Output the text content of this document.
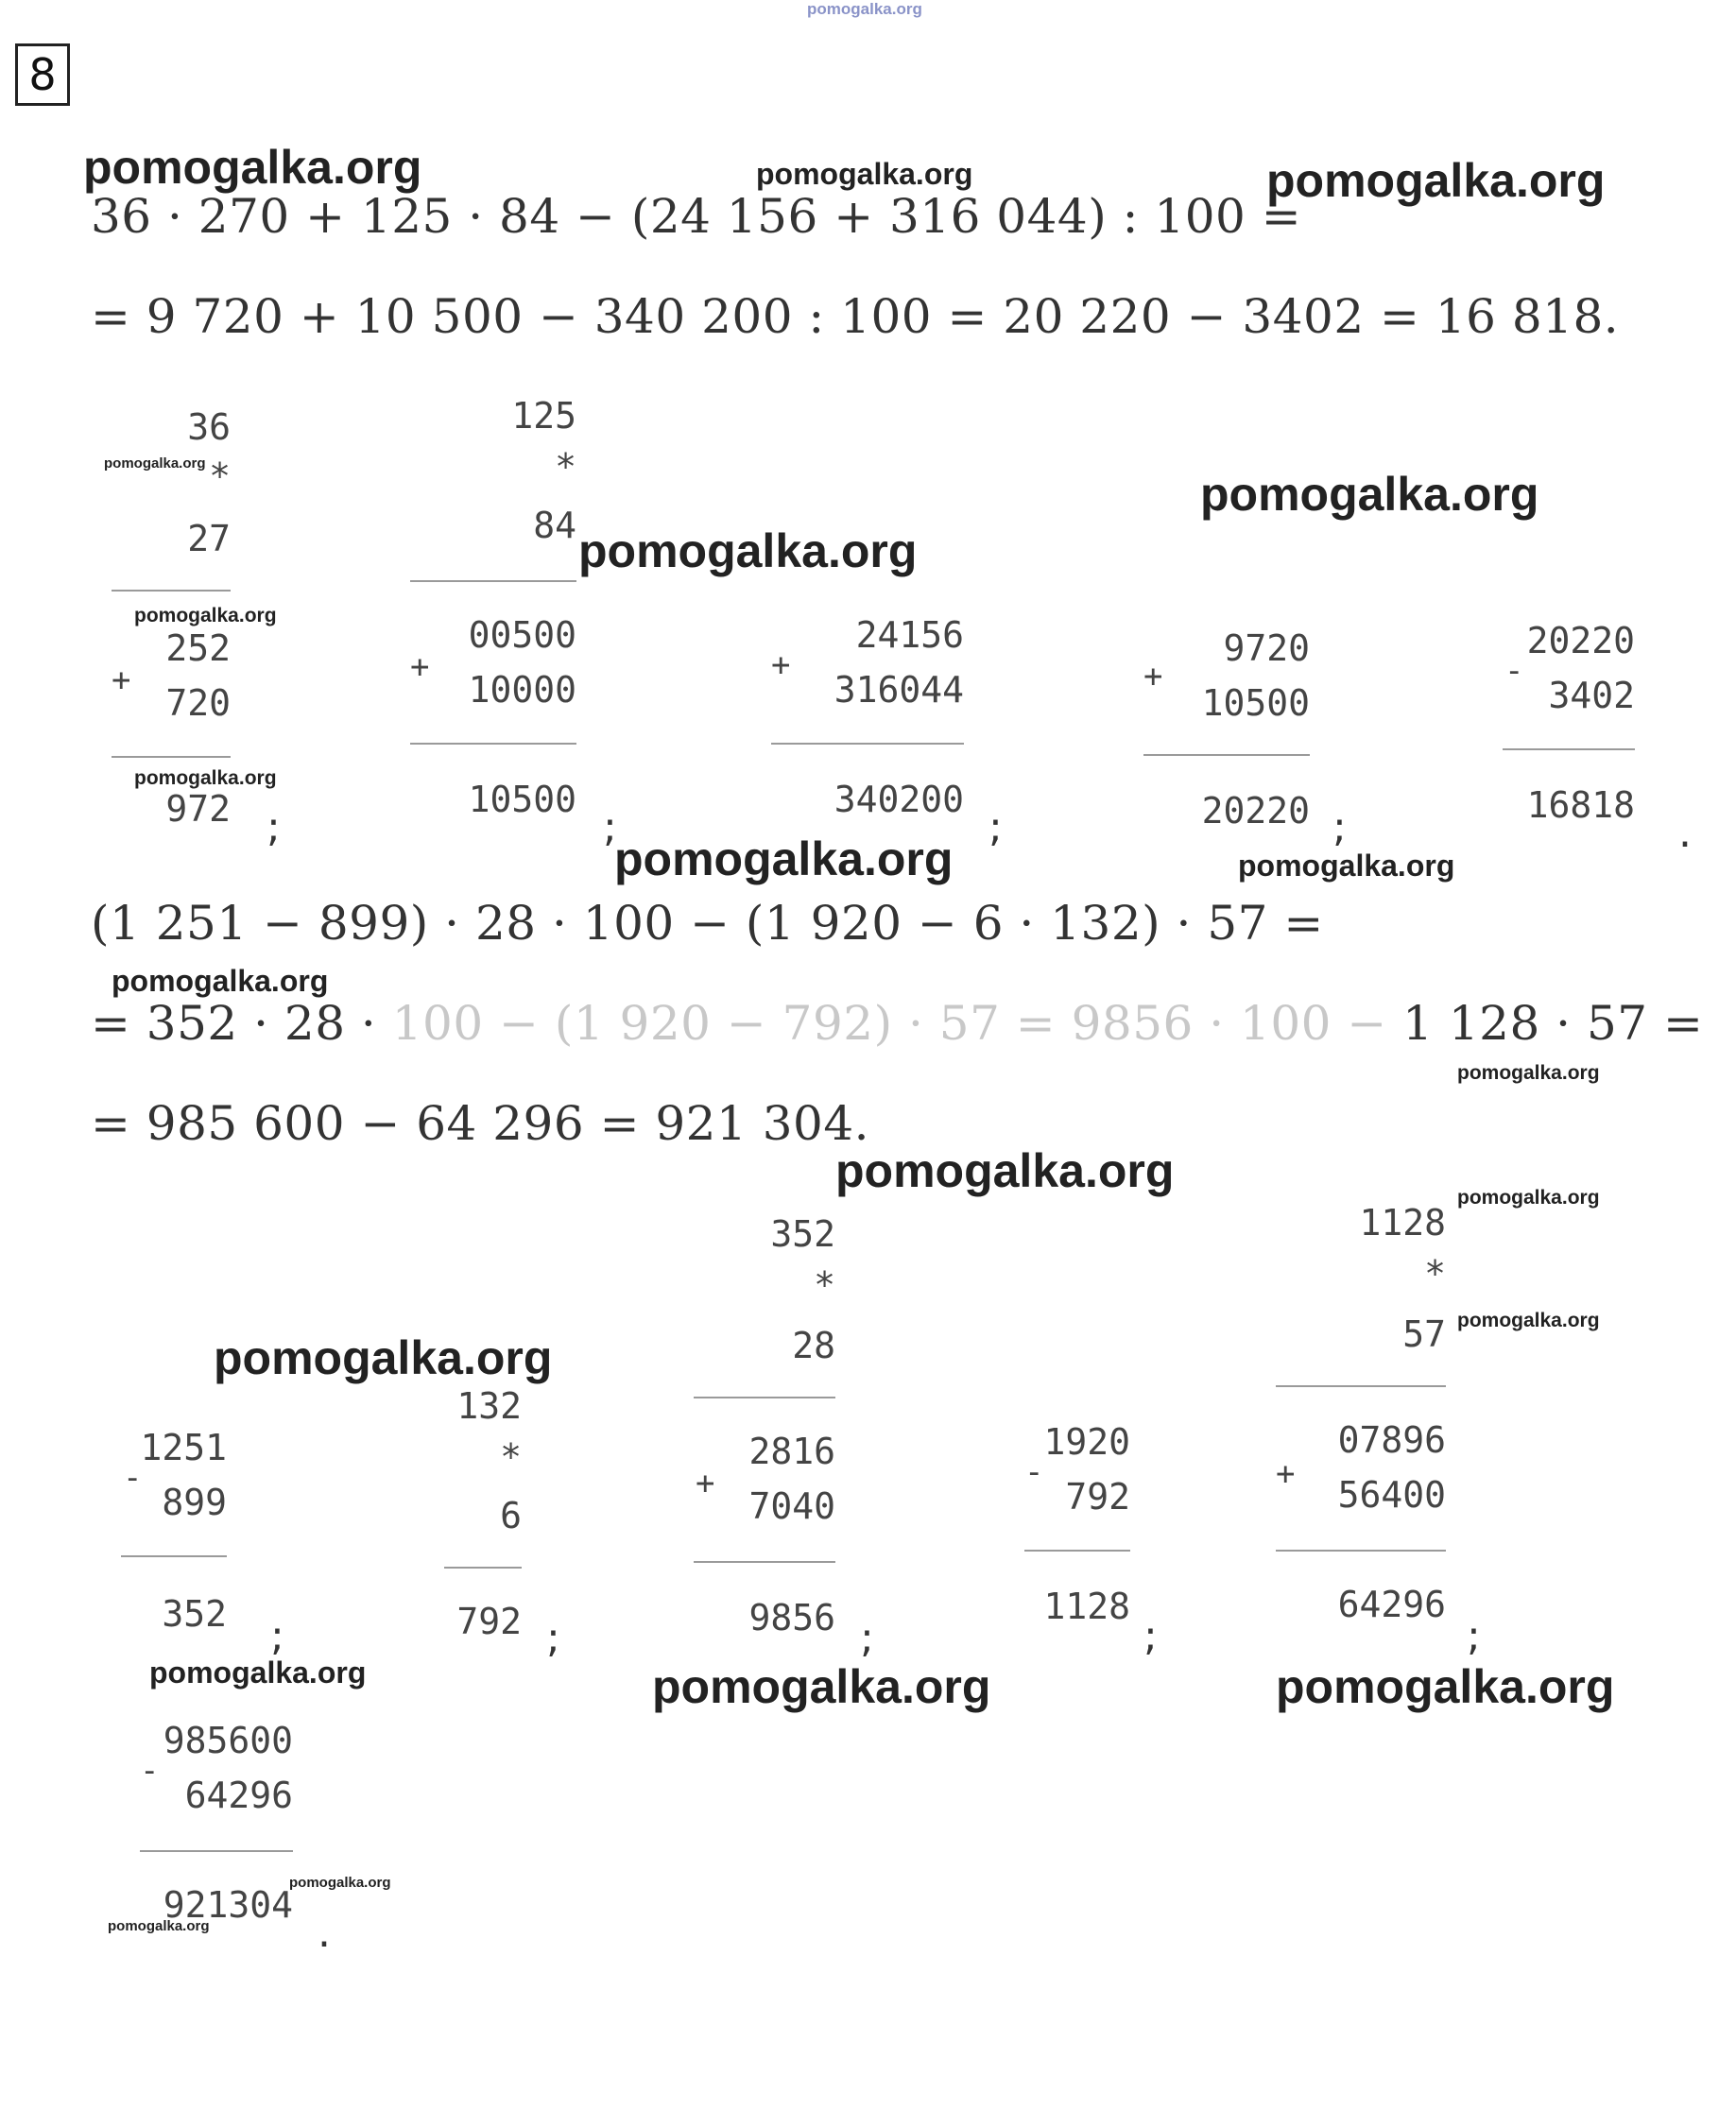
pomogalka.org
8
pomogalka.org	pomogalka.org	pomogalka.org
36 · 270 + 125 · 84 − (24 156 + 316 044) : 100 =
= 9 720 + 10 500 − 340 200 : 100 = 20 220 − 3402 = 16 818.
36
pomogalka.org *
27
pomogalka.org
252
+
720
pomogalka.org
972 ;
125
*
84 pomogalka.org
+
00500
10000
10500
;
+
24156
316044
340200
;
pomogalka.org
+
9720
10500
20220 ;
20220
-
3402
16818
.
pomogalka.org	pomogalka.org
(1 251 − 899) · 28 · 100 − (1 920 − 6 · 132) · 57 =
pomogalka.org
= 352 · 28 · 100 − (1 920 − 792) · 57 = 9856 · 100 − 1 128 · 57 =
pomogalka.org
= 985 600 − 64 296 = 921 304.
pomogalka.org
pomogalka.org
1251
-
899
352 ;
pomogalka.org
132
*
6
792 ;
352
*
28
+
2816
7040
9856 ;
pomogalka.org
1920
-
792
1128
;
1128
pomogalka.org
*
57 pomogalka.org
+
07896
56400
64296
;
pomogalka.org
985600
-
64296
921304
pomogalka.org
pomogalka.org	.
